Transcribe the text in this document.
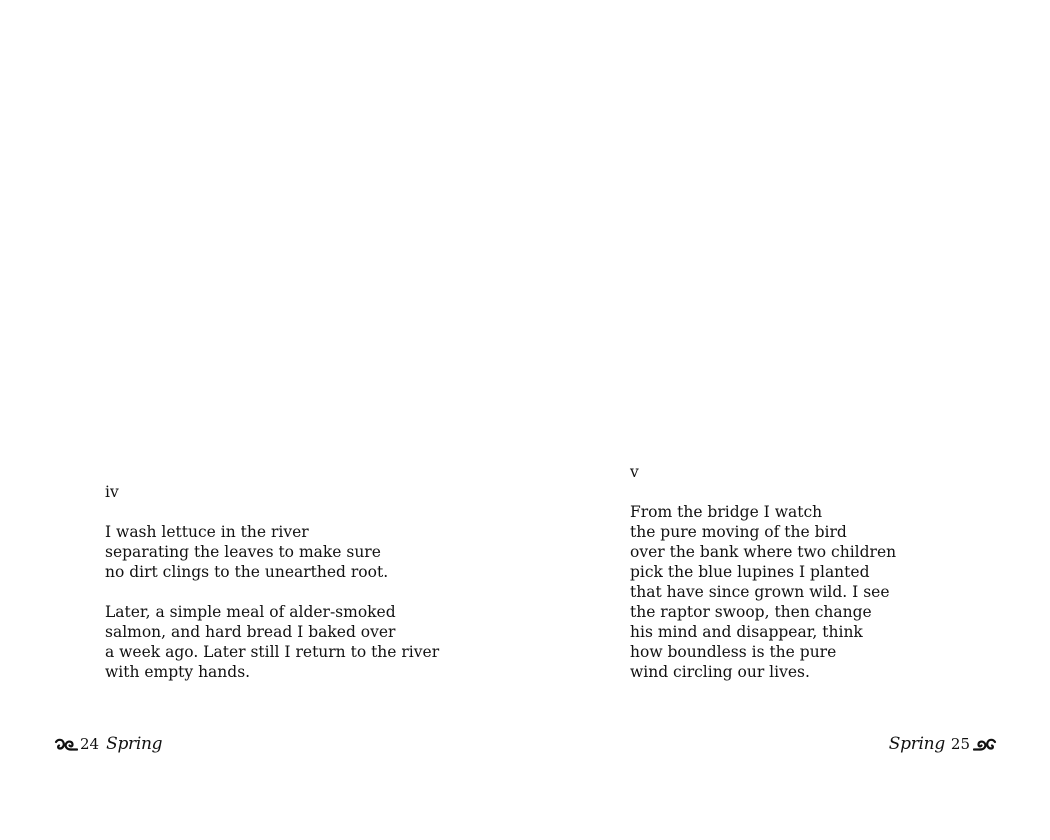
iv
I wash lettuce in the river
separating the leaves to make sure
no dirt clings to the unearthed root.
Later, a simple meal of alder-smoked
salmon, and hard bread I baked over
a week ago. Later still I return to the river
with empty hands.
24 Spring
v
From the bridge I watch
the pure moving of the bird
over the bank where two children
pick the blue lupines I planted
that have since grown wild. I see
the raptor swoop, then change
his mind and disappear, think
how boundless is the pure
wind circling our lives.
Spring 25
